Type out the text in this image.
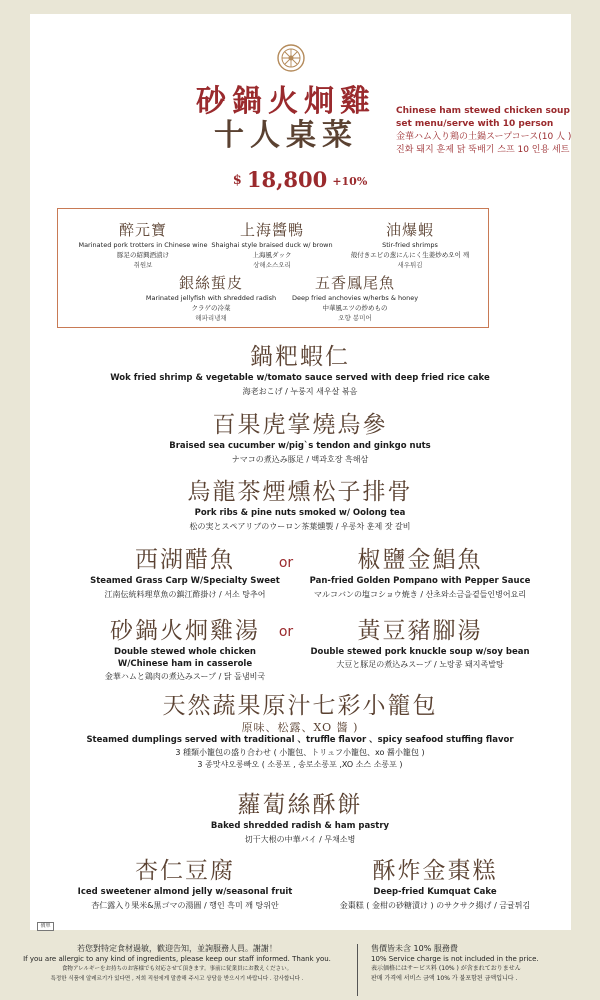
砂鍋火炯雞
十人桌菜
Chinese ham stewed chicken soup
set menu/serve with 10 person
金華ハム入り鶏の土鍋スープコース(10 人 )
진화 돼지 훈제 닭 뚝배기 스프 10 인용 세트
$ 18,800 +10%
醉元寶
Marinated pork trotters in Chinese wine
豚足の紹興酒漬け
취원보
上海醬鴨
Shaighai style braised duck w/ brown
上海風ダック
상해소스오리
油爆蝦
Stir-fried shrimps
殻付きエビの葱にんにく生姜炒め오이 깨
새우튀김
銀絲蜇皮
Marinated jellyfish with shredded radish
クラゲの冷菜
해파리냉채
五香鳳尾魚
Deep fried anchovies w/herbs & honey
中華風エツの炒めもの
오향 봉미어
鍋粑蝦仁
Wok fried shrimp & vegetable w/tomato sauce served with deep fried rice cake
海老おこげ / 누룽지 새우살 볶음
百果虎掌燒烏參
Braised sea cucumber w/pig`s tendon and ginkgo nuts
ナマコの煮込み豚足 / 백과호장 흑해삼
烏龍茶煙燻松子排骨
Pork ribs & pine nuts smoked w/ Oolong tea
松の実とスペアリブのウーロン茶葉燻製 / 우롱차 훈제 잣 갈비
西湖醋魚
Steamed Grass Carp W/Specialty Sweet
江南伝統料理草魚の鎮江酢掛け / 서소 탕추어
or	椒鹽金鯧魚
Pan-fried Golden Pompano with Pepper Sauce
マルコバンの塩コショウ焼き / 산초와소금을곁들인병어요리
砂鍋火炯雞湯
Double stewed whole chicken
W/Chinese ham in casserole
金華ハムと鶏肉の煮込みスープ / 닭 돌냄비국
or	黃豆豬腳湯
Double stewed pork knuckle soup w/soy bean
大豆と豚足の煮込みスープ / 노랑콩 돼지족발탕
天然蔬果原汁七彩小籠包
原味、松露、XO 醬 )
Steamed dumplings served with traditional 、truffle flavor 、spicy seafood stuffing flavor
3 種類小籠包の盛り合わせ ( 小籠包、トリュフ小籠包、xo 醤小籠包 )
3 종맛샤오롱빠오 ( 소롱포 , 송로소롱포 ,XO 소스 소롱포 )
蘿蔔絲酥餅
Baked shredded radish & ham pastry
切干大根の中華パイ / 무채소병
杏仁豆腐
Iced sweetener almond jelly w/seasonal fruit
杏仁露入り果米&黒ゴマの湯圓 / 행인 흑미 깨 탕위안
酥炸金棗糕
Deep-fried Kumquat Cake
金棗糕 ( 金柑の砂糖漬け ) のサクサク揚げ / 금귤튀김
價單
若您對特定食材過敏，歡迎告知，並詢服務人員。謝謝！
If you are allergic to any kind of ingredients, please keep our staff informed. Thank you.
食物アレルギーをお持ちのお客様でも対応させて頂きます。事前に従業員にお教えください。
특정한 식품에 알레르기가 있다면 , 저희 직원에게 말씀해 주시고 상담을 받으시기 바랍니다 . 감사합니다 .
售價皆未含 10% 服務費
10% Service charge is not included in the price.
表示価格にはサービス料 (10% ) が含まれておりません
판매 가격에 서비스 금액 10% 가 불포함된 금액입니다 .
